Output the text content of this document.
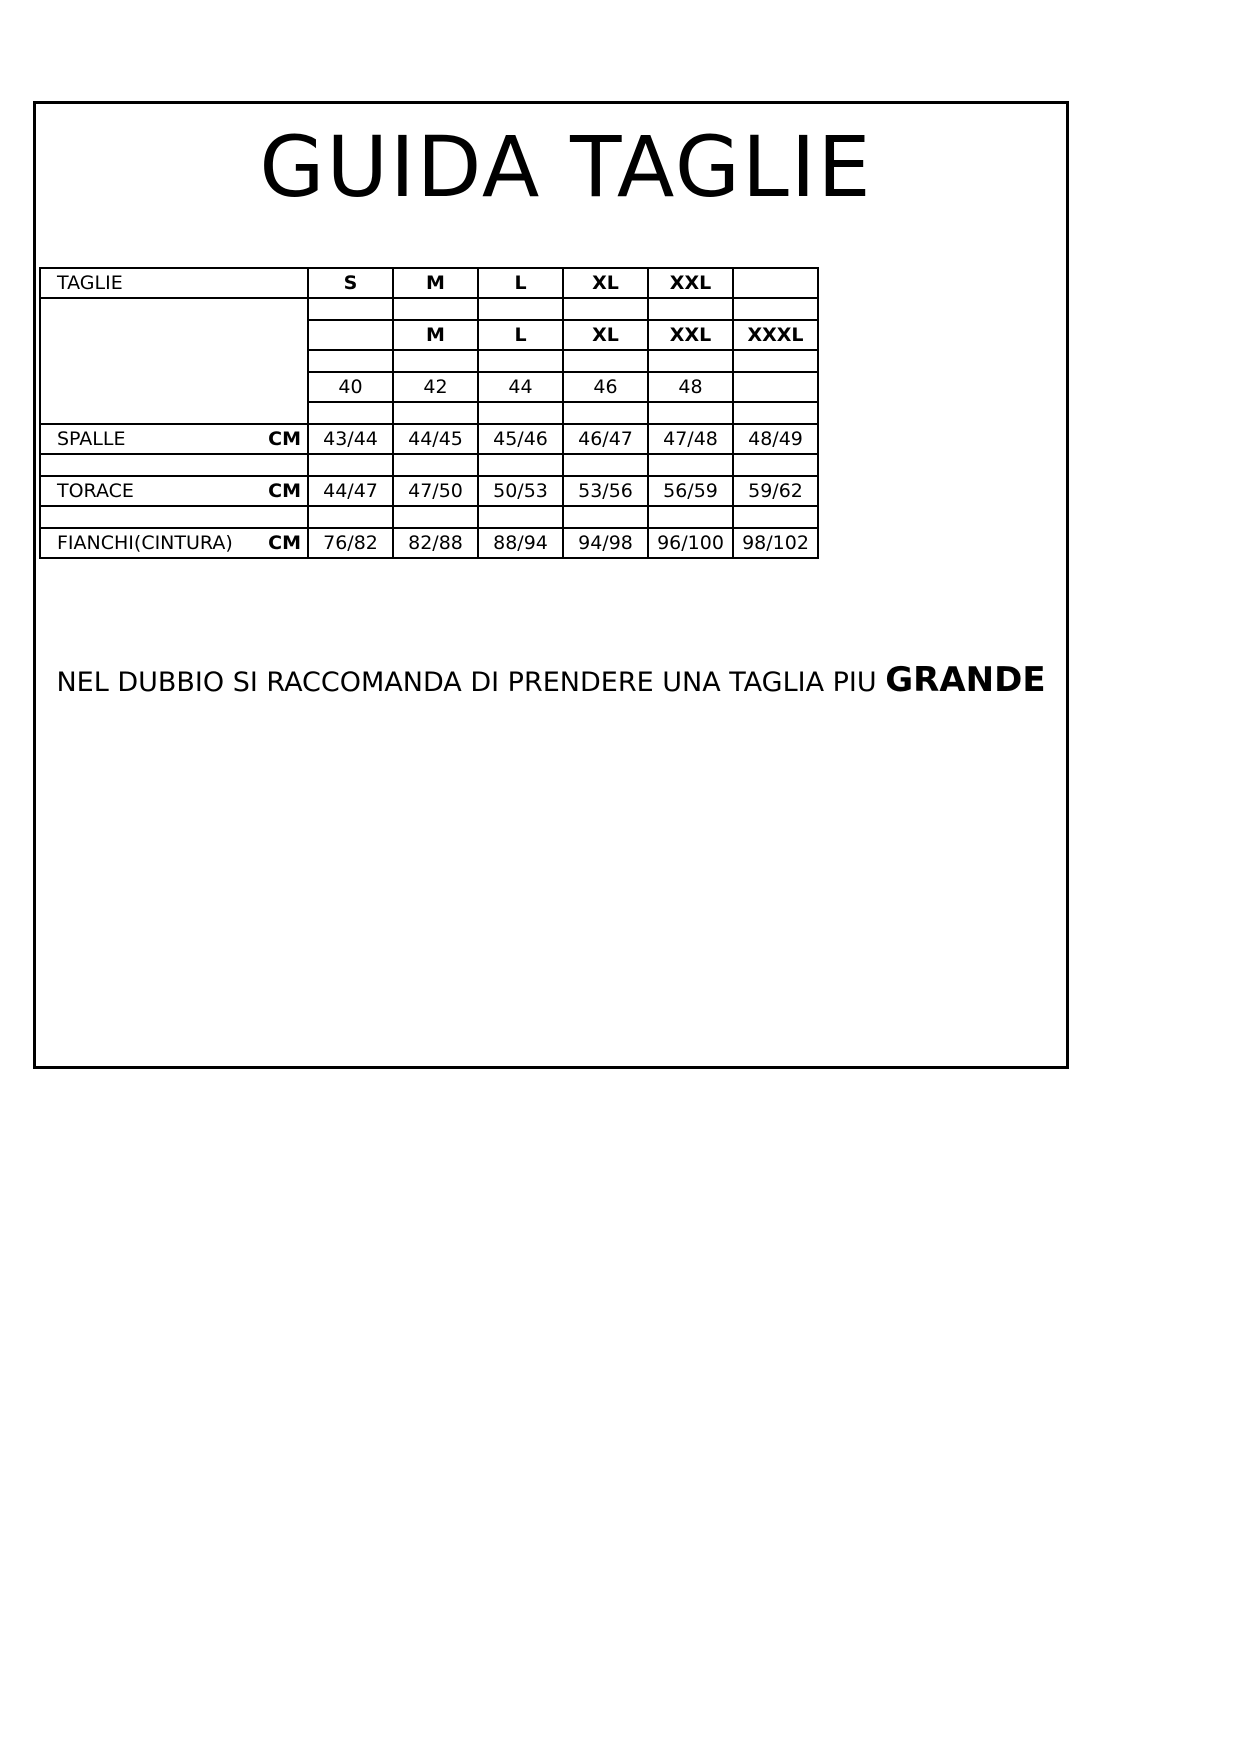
GUIDA TAGLIE
TAGLIE	S	M	L	XL	XXL	

		M	L	XL	XXL	XXXL

	40	42	44	46	48	

SPALLE CM	43/44	44/45	45/46	46/47	47/48	48/49

TORACE CM	44/47	47/50	50/53	53/56	56/59	59/62

FIANCHI(CINTURA) CM	76/82	82/88	88/94	94/98	96/100	98/102
NEL DUBBIO SI RACCOMANDA DI PRENDERE UNA TAGLIA PIU GRANDE
